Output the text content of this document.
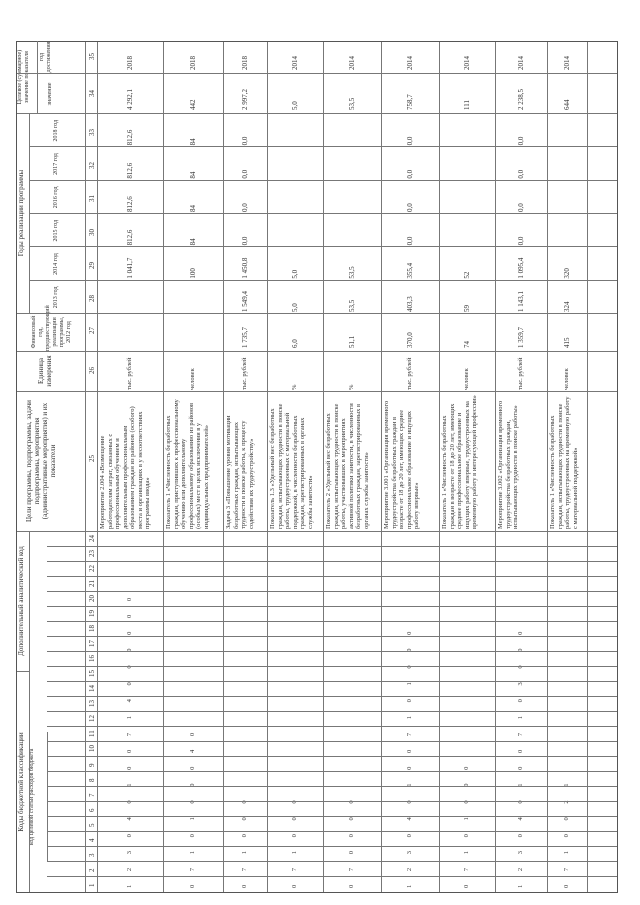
Коды бюджетной классификации код целевой статьи расходов бюджета
Дополнительный аналитический код
Цели программы, подпрограммы, задачи подпрограммы, мероприятия (административные мероприятия) и их показатели
Единица измерения
Финансовый год, предшествующий реализации программы, 2012 год
Годы реализации программы
Целевое (суммарное) значение показателя	значение
год достижения
2013 год
2014 год
2015 год
2016 год
2017 год
2018 год
1
2
3
4
5
6
7
8
9
10
11
12
13
14
15
16
17
18
19
20
21
22
23
24
25
26
27
28
29
30
31
32
33
34
35
1 2 3 0 4 0 1 0 0 7 1 4 0 0 0 0 0 0
Мероприятие 2.004 «Возмещение работодателям затрат, связанных с профессиональным обучением и дополнительным профессиональным образованием граждан из районов (особого) места и организациях в у несоответствиях программы ввода»
тыс. рублей
1 041,7
812,6
812,6
812,6
812,6
4 292,1
2018
0 7 1 0 1 0 0 0 4 0
Показатель 1 «Численность безработных граждан, приступивших к профессиональному обучению или дополнительному профессиональному образованию из районов (особых) мест в целях исключения в у индивидуальных предпринимателей»
человек
100
84
84
84
84
442
2018
0 7 1 0 0 0
Задача 3 «Повышение уровня мотивации безработных граждан, испытывающих трудности в поиске работы, к процессу содействия их трудоустройству»
тыс. рублей
1 735,7
1 549,4
1 450,8
0,0
0,0
0,0
0,0
2 997,2
2018
0 7 1 0 0 0
Показатель 1.3 «Удельный вес безработных граждан, испытывающих трудности в поиске работы, трудоустроенных с материальной поддержкой, в численности безработных граждан, зарегистрированных в органах службы занятости»
%
6,0
5,0
5,0
5,0
2014
0 7 0 0 0 0
Показатель 2 «Удельный вес безработных граждан, испытывающих трудности в поиске работы, участвовавших в мероприятиях активной политики занятости, в численности безработных граждан, зарегистрированных в органах службы занятости»
%
51,1
53,5
53,5
53,5
2014
1 2 3 0 4 0 1 0 0 7 1 0 1 0 0 0
Мероприятие 3.001 «Организация временного трудоустройства безработных граждан в возрасте от 18 до 20 лет, имеющих среднее профессиональное образование и ищущих работу впервые»
тыс. рублей
370,0
403,3
355,4
0,0
0,0
0,0
0,0
758,7
2014
0 7 1 0 1 0 0 0
Показатель 1 «Численность безработных граждан в возрасте от 18 до 20 лет, имеющих среднее профессиональное образование и ищущих работу впервые, трудоустроенных на временную работу в интересующей профессии»
человек
74
59
52
111
2014
1 2 3 0 4 0 1 0 0 7 1 0 3 0 0 0
Мероприятие 3.002 «Организация временного трудоустройства безработных граждан, испытывающих трудности в поиске работы»
тыс. рублей
1 359,7
1 143,1
1 095,4
0,0
0,0
0,0
0,0
2 238,5
2014
0 7 1 0 0 2 1
Показатель 1 «Численность безработных граждан, испытывающих трудности в поиске работы, трудоустроенных на временную работу с материальной поддержкой»
человек
415
324
320
644
2014
